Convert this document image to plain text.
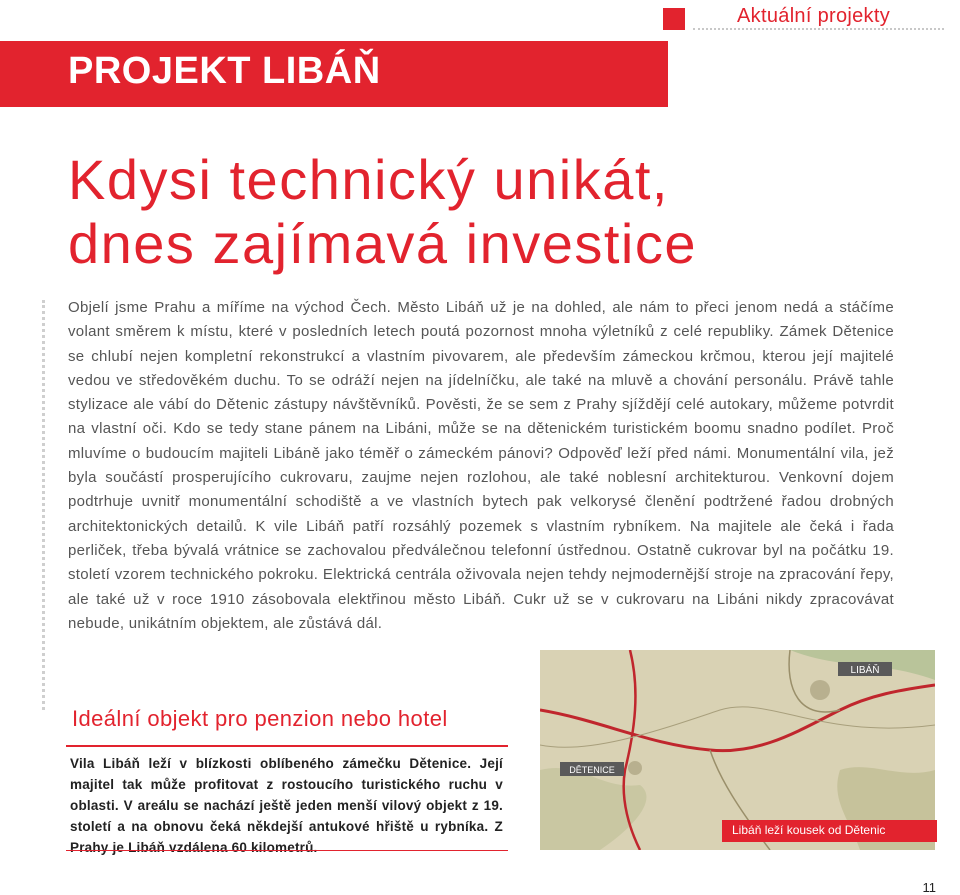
Aktuální projekty
PROJEKT LIBÁŇ
Kdysi technický unikát,
dnes zajímavá investice
Objelí jsme Prahu a míříme na východ Čech. Město Libáň už je na dohled, ale nám to přeci jenom nedá a stáčíme volant směrem k místu, které v posledních letech poutá pozornost mnoha výletníků z celé republiky. Zámek Dětenice se chlubí nejen kompletní rekonstrukcí a vlastním pivovarem, ale především zámeckou krčmou, kterou její majitelé vedou ve středověkém duchu. To se odráží nejen na jídelníčku, ale také na mluvě a chování personálu. Právě tahle stylizace ale vábí do Dětenic zástupy návštěvníků. Pověsti, že se sem z Prahy sjíždějí celé autokary, můžeme potvrdit na vlastní oči. Kdo se tedy stane pánem na Libáni, může se na dětenickém turistickém boomu snadno podílet. Proč mluvíme o budoucím majiteli Libáně jako téměř o zámeckém pánovi? Odpověď leží před námi. Monumentální vila, jež byla součástí prosperujícího cukrovaru, zaujme nejen rozlohou, ale také noblesní architekturou. Venkovní dojem podtrhuje uvnitř monumentální schodiště a ve vlastních bytech pak velkorysé členění podtržené řadou drobných architektonických detailů. K vile Libáň patří rozsáhlý pozemek s vlastním rybníkem. Na majitele ale čeká i řada perliček, třeba bývalá vrátnice se zachovalou předválečnou telefonní ústřednou. Ostatně cukrovar byl na počátku 19. století vzorem technického pokroku. Elektrická centrála oživovala nejen tehdy nejmodernější stroje na zpracování řepy, ale také už v roce 1910 zásobovala elektřinou město Libáň. Cukr už se v cukrovaru na Libáni nikdy zpracovávat nebude, unikátním objektem, ale zůstává dál.
LIBÁŇ
DĚTENICE
Libáň leží kousek od Dětenic
Ideální objekt pro penzion nebo hotel
Vila Libáň leží v blízkosti oblíbeného zámečku Dětenice. Její majitel tak může profitovat z rostoucího turistického ruchu v oblasti. V areálu se nachází ještě jeden menší vilový objekt z 19. století a na obnovu čeká někdejší antukové hřiště u rybníka. Z Prahy je Libáň vzdálena 60 kilometrů.
11
